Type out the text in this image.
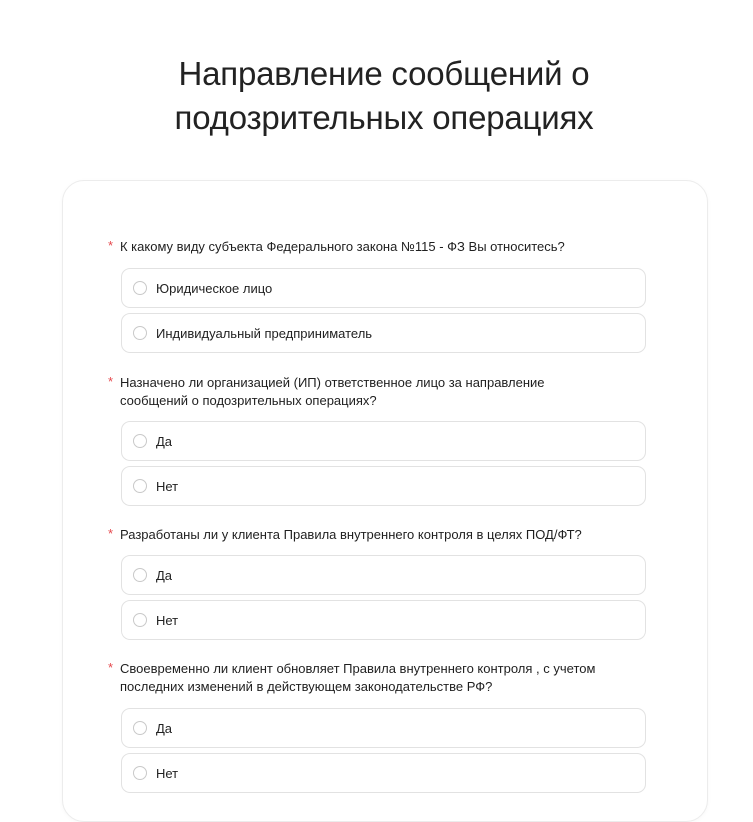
Направление сообщений о
подозрительных операциях
* К какому виду субъекта Федерального закона №115 - ФЗ Вы относитесь?
Юридическое лицо
Индивидуальный предприниматель
* Назначено ли организацией (ИП) ответственное лицо за направление
сообщений о подозрительных операциях?
Да
Нет
* Разработаны ли у клиента Правила внутреннего контроля в целях ПОД/ФТ?
Да
Нет
* Своевременно ли клиент обновляет Правила внутреннего контроля , с учетом
последних изменений в действующем законодательстве РФ?
Да
Нет
